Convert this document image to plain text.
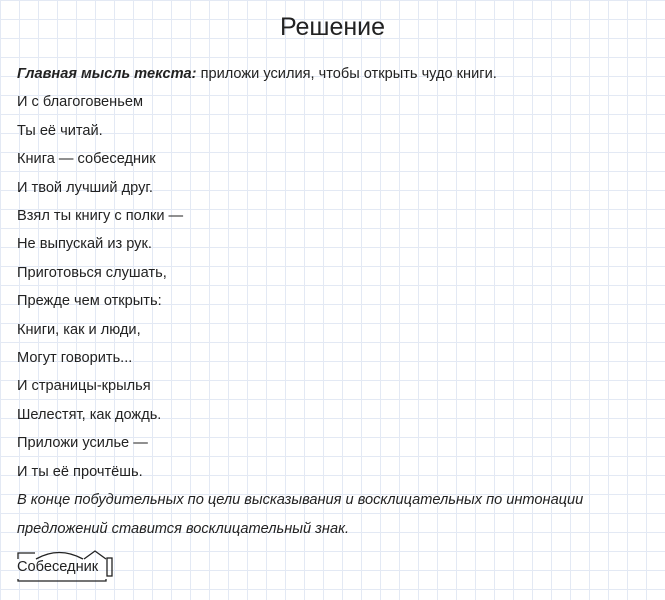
Решение
Главная мысль текста: приложи усилия, чтобы открыть чудо книги.
И с благоговеньем
Ты её читай.
Книга — собеседник
И твой лучший друг.
Взял ты книгу с полки —
Не выпускай из рук.
Приготовься слушать,
Прежде чем открыть:
Книги, как и люди,
Могут говорить...
И страницы-крылья
Шелестят, как дождь.
Приложи усилье —
И ты её прочтёшь.
В конце побудительных по цели высказывания и восклицательных по интонации предложений ставится восклицательный знак.
Собеседник
